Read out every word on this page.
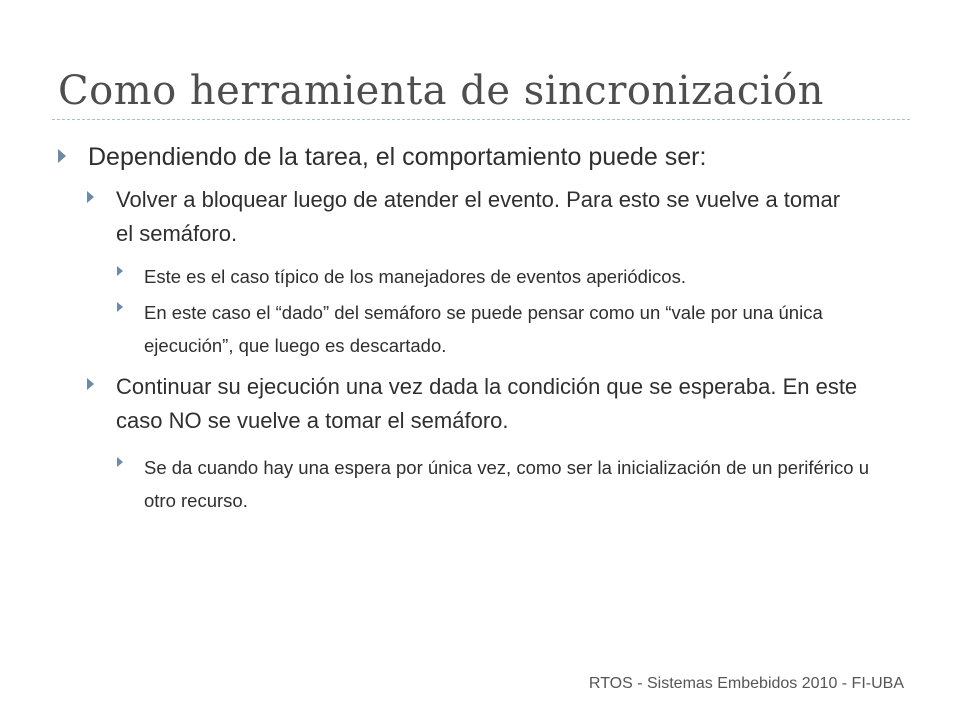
Como herramienta de sincronización
Dependiendo de la tarea, el comportamiento puede ser:
Volver a bloquear luego de atender el evento. Para esto se vuelve a tomar el semáforo.
Este es el caso típico de los manejadores de eventos aperiódicos.
En este caso el “dado” del semáforo se puede pensar como un “vale por una única ejecución”, que luego es descartado.
Continuar su ejecución una vez dada la condición que se esperaba. En este caso NO se vuelve a tomar el semáforo.
Se da cuando hay una espera por única vez, como ser la inicialización de un periférico u otro recurso.
RTOS - Sistemas Embebidos 2010 - FI-UBA
